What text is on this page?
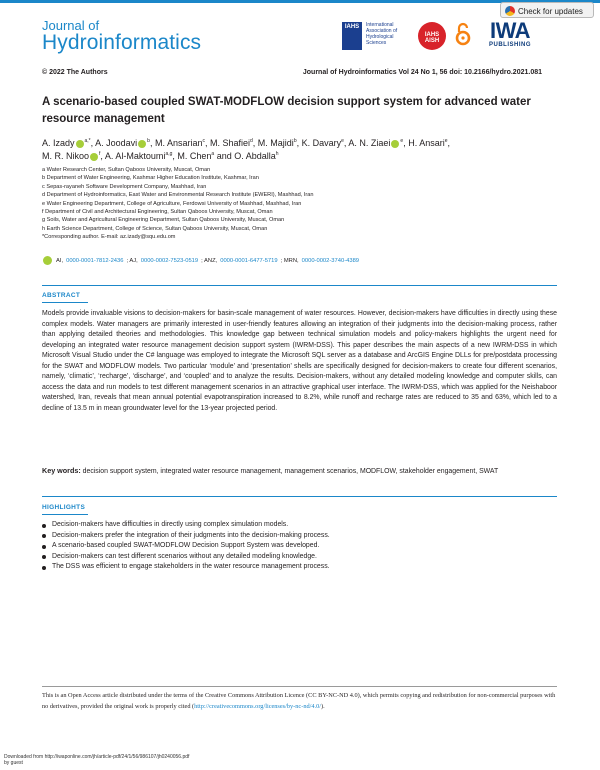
Check for updates
Journal of
Hydroinformatics
IAHS	International Association of Hydrological Sciences
IAHS AISH	IWA
PUBLISHING
© 2022 The Authors	Journal of Hydroinformatics Vol 24 No 1, 56 doi: 10.2166/hydro.2021.081
A scenario-based coupled SWAT-MODFLOW decision support system for advanced water resource management
A. Izady $^{a,*}$, A. Joodavi $^b$, M. Ansarian$^c$, M. Shafiei$^d$, M. Majidi$^b$, K. Davary$^e$, A. N. Ziaei $^e$, H. Ansari$^e$,
M. R. Nikoo $^f$, A. Al-Maktoumi$^{a,g}$, M. Chen$^a$ and O. Abdalla$^h$
a Water Research Center, Sultan Qaboos University, Muscat, Oman
b Department of Water Engineering, Kashmar Higher Education Institute, Kashmar, Iran
c Sepas-rayaneh Software Development Company, Mashhad, Iran
d Department of Hydroinformatics, East Water and Environmental Research Institute (EWERI), Mashhad, Iran
e Water Engineering Department, College of Agriculture, Ferdowsi University of Mashhad, Mashhad, Iran
f Department of Civil and Architectural Engineering, Sultan Qaboos University, Muscat, Oman
g Soils, Water and Agricultural Engineering Department, Sultan Qaboos University, Muscat, Oman
h Earth Science Department, College of Science, Sultan Qaboos University, Muscat, Oman
*Corresponding author. E-mail: az.izady@squ.edu.om
AI, 0000-0001-7812-2436 ; AJ, 0000-0002-7523-0519 ; ANZ, 0000-0001-6477-5719 ; MRN, 0000-0002-3740-4389
ABSTRACT
Models provide invaluable visions to decision-makers for basin-scale management of water resources. However, decision-makers have difficulties in directly using these complex models. Water managers are primarily interested in user-friendly features allowing an integration of their judgments into the decision-making process, rather than applying detailed theories and methodologies. This knowledge gap between technical simulation models and policy-makers highlights the urgent need for developing an integrated water resource management decision support system (IWRM-DSS). This paper describes the main aspects of a new IWRM-DSS in which Microsoft Visual Studio under the C# language was employed to integrate the Microsoft SQL server as a database and ArcGIS Engine DLLs for pre/postdata processing for the SWAT and MODFLOW models. Two particular ‘module’ and ‘presentation’ shells are specifically designed for decision-makers to create four different scenarios, namely, ‘climatic’, ‘recharge’, ‘discharge’, and ‘coupled’ and to analyze the results. Decision-makers, without any detailed modeling knowledge and computer skills, can access the data and run models to test different management scenarios in an attractive graphical user interface. The IWRM-DSS, which was applied for the Neishaboor watershed, Iran, reveals that mean annual potential evapotranspiration increased to 8.2%, while runoff and recharge rates are reduced to 35 and 63%, which led to a decline of 13.5 m in mean groundwater level for the 13-year projected period.
Key words: decision support system, integrated water resource management, management scenarios, MODFLOW, stakeholder engagement, SWAT
HIGHLIGHTS
Decision-makers have difficulties in directly using complex simulation models.
Decision-makers prefer the integration of their judgments into the decision-making process.
A scenario-based coupled SWAT-MODFLOW Decision Support System was developed.
Decision-makers can test different scenarios without any detailed modeling knowledge.
The DSS was efficient to engage stakeholders in the water resource management process.
This is an Open Access article distributed under the terms of the Creative Commons Attribution Licence (CC BY-NC-ND 4.0), which permits copying and redistribution for non-commercial purposes with no derivatives, provided the original work is properly cited (http://creativecommons.org/licenses/by-nc-nd/4.0/).
Downloaded from http://iwaponline.com/jh/article-pdf/24/1/56/986107/jh0240056.pdf
by guest
